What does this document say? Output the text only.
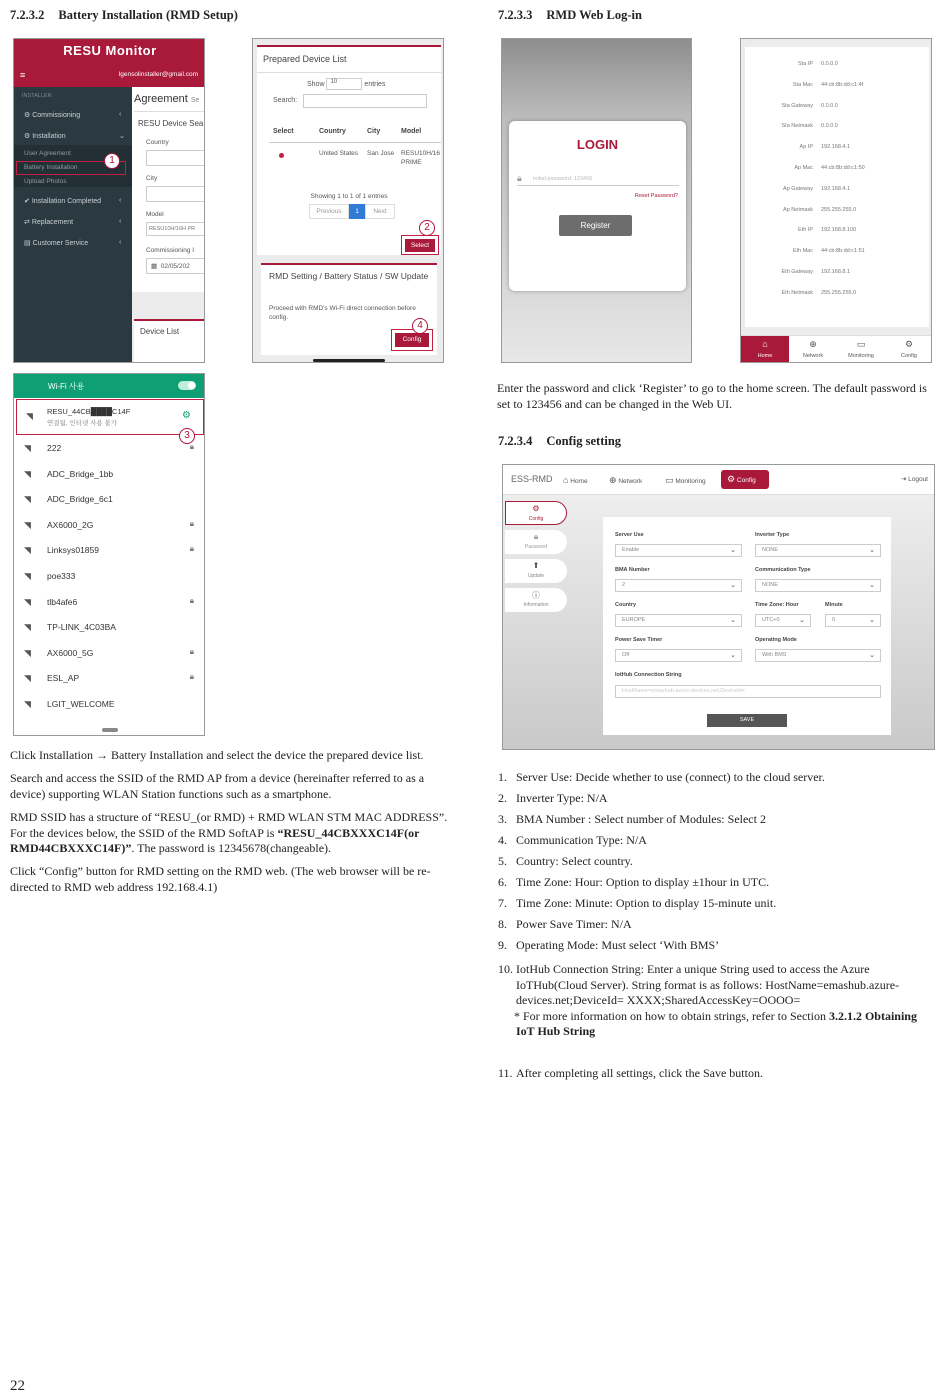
7.2.3.2 Battery Installation (RMD Setup)	7.2.3.3 RMD Web Log-in
RESU Monitor
≡	lgensolinstaller@gmail.com
INSTALLER
⚙ Commissioning	‹
⚙ Installation	⌄
User Agreement
Battery Installation
Upload Photos
✔ Installation Completed	‹
⇄ Replacement	‹
▤ Customer Service	‹
1
Agreement Se
RESU Device Sea
Country
City
Model
RESU10H/16H PR
Commissioning I
▦ 02/05/202
Device List
Prepared Device List
Show 10	entries
Search:
Select	Country	City	Model
United States	San Jose	RESU10H/16
PRIME
Showing 1 to 1 of 1 entries
Previous	1	Next
Select
2
RMD Setting / Battery Status / SW Update
Proceed with RMD's Wi-Fi direct connection before config.
Config
4
Wi-Fi 사용
◥ RESU_44CB████C14F
연결됨, 인터넷 사용 불가
⚙
3
◥	222	🔒︎
◥	ADC_Bridge_1bb
◥	ADC_Bridge_6c1
◥	AX6000_2G	🔒︎
◥	Linksys01859	🔒︎
◥	poe333
◥	tlb4afe6	🔒︎
◥	TP-LINK_4C03BA
◥	AX6000_5G	🔒︎
◥	ESL_AP	🔒︎
◥	LGIT_WELCOME
LOGIN
🔒︎ Initial password: 123456
Reset Password?
Register
Sta IP 0.0.0.0
Sta Mac 44:cb:8b:dd:c1:4f
Sta Gateway 0.0.0.0
Sta Netmask 0.0.0.0
Ap IP 192.168.4.1
Ap Mac 44:cb:8b:dd:c1:50
Ap Gateway 192.168.4.1
Ap Netmask 255.255.255.0
Eth IP 192.168.8.100
Eth Mac 44:cb:8b:dd:c1:51
Eth Gateway 192.168.8.1
Eth Netmask 255.255.255.0
⌂
Home
⊕
Network
▭
Monitoring
⚙
Config
Enter the password and click ‘Register’ to go to the home screen. The default password is set to 123456 and can be changed in the Web UI.
7.2.3.4 Config setting
ESS-RMD ⌂ Home ⊕ Network	▭ Monitoring	⚙ Config	⇥ Logout
⚙
Config
🔒︎
Password
⬆
Update
ⓘ
Information
Server Use
Enable	⌄
Inverter Type
NONE	⌄
BMA Number
2	⌄
Communication Type
NONE	⌄
Country
EUROPE	⌄
Time Zone: Hour
UTC+0	⌄
Minute
0	⌄
Power Save Timer
Off	⌄
Operating Mode
With BMS	⌄
IotHub Connection String
HostName=emashub.azure-devices.net;DeviceId=
SAVE
Click Installation → Battery Installation and select the device the prepared device list.
Search and access the SSID of the RMD AP from a device (hereinafter referred to as a device) supporting WLAN Station functions such as a smartphone.
RMD SSID has a structure of “RESU_(or RMD) + RMD WLAN STM MAC ADDRESS”.
For the devices below, the SSID of the RMD SoftAP is “RESU_44CBXXXC14F(or RMD44CBXXXC14F)”. The password is 12345678(changeable).
Click “Config” button for RMD setting on the RMD web. (The web browser will be re-directed to RMD web address 192.168.4.1)
1. Server Use: Decide whether to use (connect) to the cloud server.
2. Inverter Type: N/A
3. BMA Number : Select number of Modules: Select 2
4. Communication Type: N/A
5. Country: Select country.
6. Time Zone: Hour: Option to display ±1hour in UTC.
7. Time Zone: Minute: Option to display 15-minute unit.
8. Power Save Timer: N/A
9. Operating Mode: Must select ‘With BMS’
10. IotHub Connection String: Enter a unique String used to access the Azure IoTHub(Cloud Server). String format is as follows: HostName=emashub.azure-devices.net;DeviceId= XXXX;SharedAccessKey=OOOO=
* For more information on how to obtain strings, refer to Section 3.2.1.2 Obtaining IoT Hub String
11. After completing all settings, click the Save button.
22
